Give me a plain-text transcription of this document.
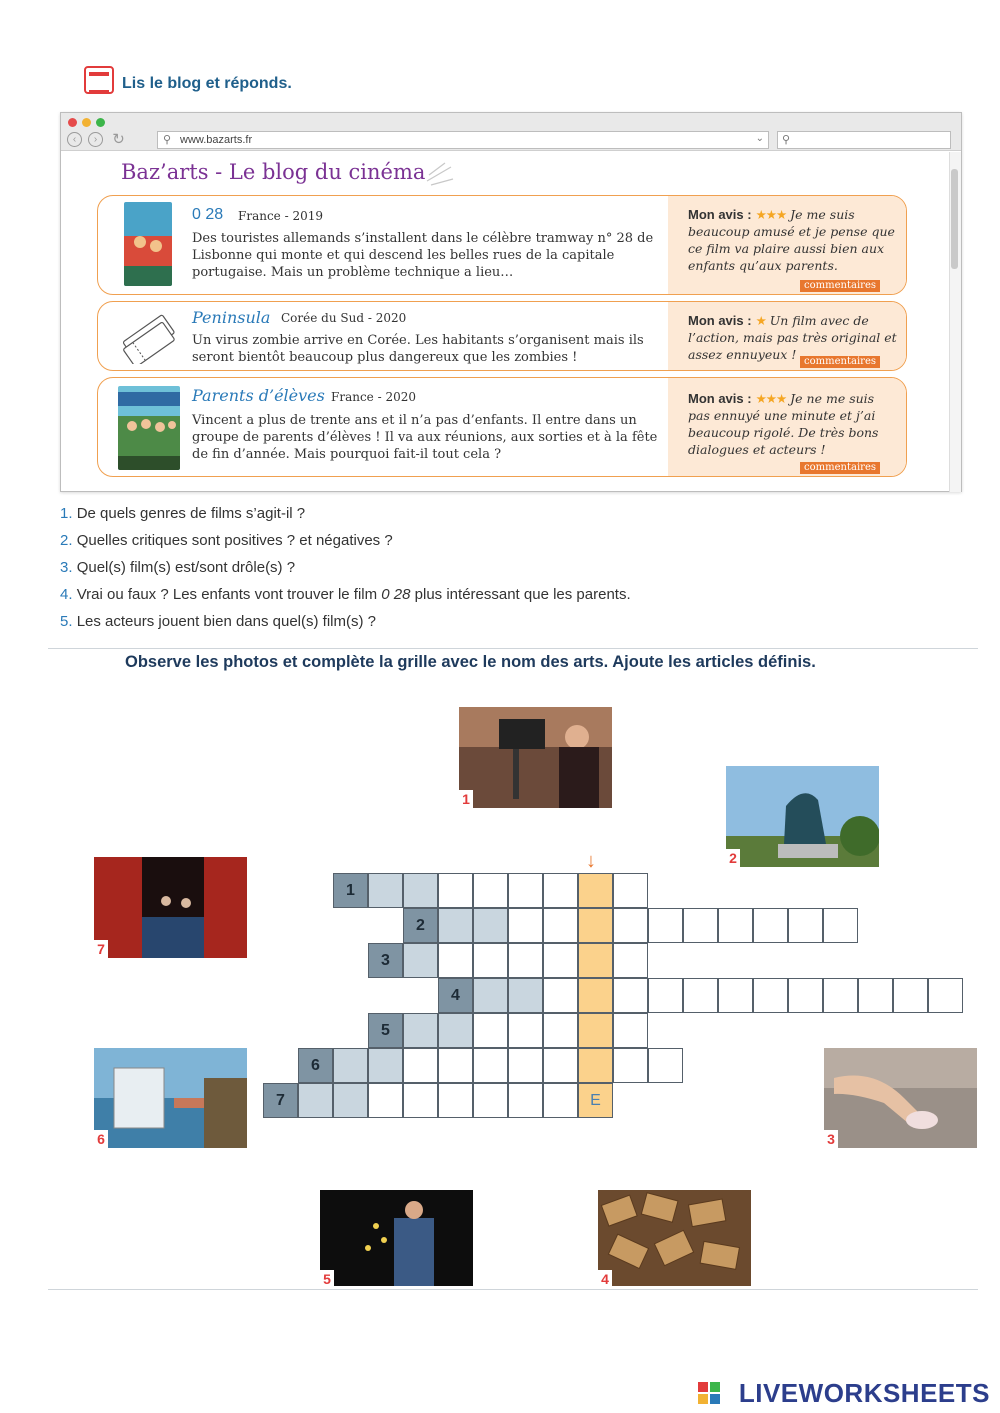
Lis le blog et réponds.
‹	›	↻	⚲ www.bazarts.fr	⌄ ⚲
Baz’arts - Le blog du cinéma
Mon avis : ★★★ Je me suis beaucoup amusé et je pense que ce film va plaire aussi bien aux enfants qu’aux parents.
commentaires
0 28 France - 2019
Des touristes allemands s’installent dans le célèbre tramway n° 28 de Lisbonne qui monte et qui descend les belles rues de la capitale portugaise. Mais un problème technique a lieu…
Mon avis : ★ Un film avec de l’action, mais pas très original et assez ennuyeux ! commentaires
Peninsula Corée du Sud - 2020
Un virus zombie arrive en Corée. Les habitants s’organisent mais ils seront bientôt beaucoup plus dangereux que les zombies !
Mon avis : ★★★ Je ne me suis pas ennuyé une minute et j’ai beaucoup rigolé. De très bons dialogues et acteurs !
commentaires
Parents d’élèves France - 2020
Vincent a plus de trente ans et il n’a pas d’enfants. Il entre dans un groupe de parents d’élèves ! Il va aux réunions, aux sorties et à la fête de fin d’année. Mais pourquoi fait-il tout cela ?
1. De quels genres de films s’agit-il ?
2. Quelles critiques sont positives ? et négatives ?
3. Quel(s) film(s) est/sont drôle(s) ?
4. Vrai ou faux ? Les enfants vont trouver le film 0 28 plus intéressant que les parents.
5. Les acteurs jouent bien dans quel(s) film(s) ?
Observe les photos et complète la grille avec le nom des arts. Ajoute les articles définis.
1
2
7
6	3
5	4
↓
1
2
3
4
5
6
7	E
LIVEWORKSHEETS
